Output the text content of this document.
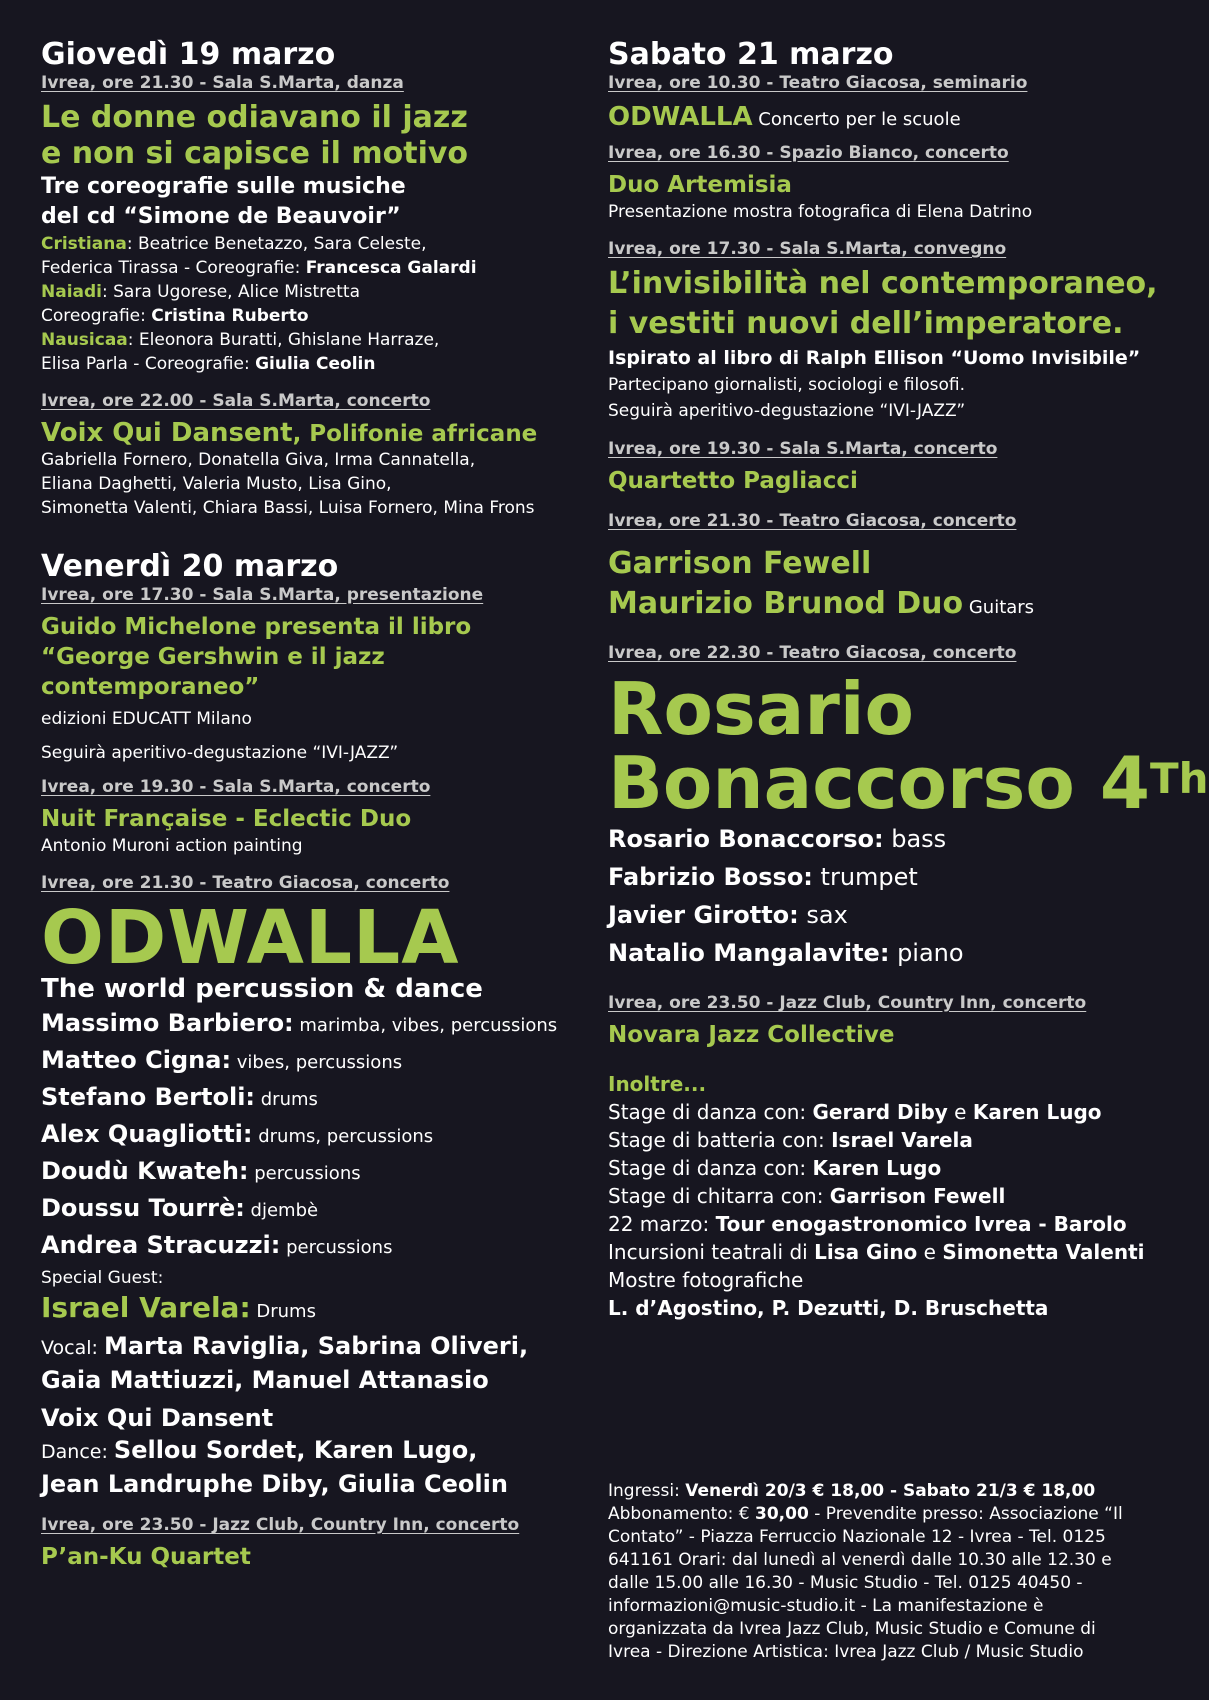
Giovedì 19 marzo
Ivrea, ore 21.30 - Sala S.Marta, danza
Le donne odiavano il jazz
e non si capisce il motivo
Tre coreografie sulle musiche
del cd “Simone de Beauvoir”
Cristiana: Beatrice Benetazzo, Sara Celeste,
Federica Tirassa - Coreografie: Francesca Galardi
Naiadi: Sara Ugorese, Alice Mistretta
Coreografie: Cristina Ruberto
Nausicaa: Eleonora Buratti, Ghislane Harraze,
Elisa Parla - Coreografie: Giulia Ceolin
Ivrea, ore 22.00 - Sala S.Marta, concerto
Voix Qui Dansent, Polifonie africane
Gabriella Fornero, Donatella Giva, Irma Cannatella,
Eliana Daghetti, Valeria Musto, Lisa Gino,
Simonetta Valenti, Chiara Bassi, Luisa Fornero, Mina Frons
Venerdì 20 marzo
Ivrea, ore 17.30 - Sala S.Marta, presentazione
Guido Michelone presenta il libro
“George Gershwin e il jazz contemporaneo”
edizioni EDUCATT Milano
Seguirà aperitivo-degustazione “IVI-JAZZ”
Ivrea, ore 19.30 - Sala S.Marta, concerto
Nuit Française - Eclectic Duo
Antonio Muroni action painting
Ivrea, ore 21.30 - Teatro Giacosa, concerto
ODWALLA
The world percussion & dance
Massimo Barbiero: marimba, vibes, percussions
Matteo Cigna: vibes, percussions
Stefano Bertoli: drums
Alex Quagliotti: drums, percussions
Doudù Kwateh: percussions
Doussu Tourrè: djembè
Andrea Stracuzzi: percussions
Special Guest:
Israel Varela: Drums
Vocal: Marta Raviglia, Sabrina Oliveri,
Gaia Mattiuzzi, Manuel Attanasio
Voix Qui Dansent
Dance: Sellou Sordet, Karen Lugo,
Jean Landruphe Diby, Giulia Ceolin
Ivrea, ore 23.50 - Jazz Club, Country Inn, concerto
P’an-Ku Quartet
Sabato 21 marzo
Ivrea, ore 10.30 - Teatro Giacosa, seminario
ODWALLA Concerto per le scuole
Ivrea, ore 16.30 - Spazio Bianco, concerto
Duo Artemisia
Presentazione mostra fotografica di Elena Datrino
Ivrea, ore 17.30 - Sala S.Marta, convegno
L’invisibilità nel contemporaneo,
i vestiti nuovi dell’imperatore.
Ispirato al libro di Ralph Ellison “Uomo Invisibile”
Partecipano giornalisti, sociologi e filosofi.
Seguirà aperitivo-degustazione “IVI-JAZZ”
Ivrea, ore 19.30 - Sala S.Marta, concerto
Quartetto Pagliacci
Ivrea, ore 21.30 - Teatro Giacosa, concerto
Garrison Fewell
Maurizio Brunod Duo Guitars
Ivrea, ore 22.30 - Teatro Giacosa, concerto
Rosario
Bonaccorso 4Th
Rosario Bonaccorso: bass
Fabrizio Bosso: trumpet
Javier Girotto: sax
Natalio Mangalavite: piano
Ivrea, ore 23.50 - Jazz Club, Country Inn, concerto
Novara Jazz Collective
Inoltre...
Stage di danza con: Gerard Diby e Karen Lugo
Stage di batteria con: Israel Varela
Stage di danza con: Karen Lugo
Stage di chitarra con: Garrison Fewell
22 marzo: Tour enogastronomico Ivrea - Barolo
Incursioni teatrali di Lisa Gino e Simonetta Valenti
Mostre fotografiche
L. d’Agostino, P. Dezutti, D. Bruschetta
Ingressi: Venerdì 20/3 € 18,00 - Sabato 21/3 € 18,00
Abbonamento: € 30,00 - Prevendite presso: Associazione “Il Contato” - Piazza Ferruccio Nazionale 12 - Ivrea - Tel. 0125 641161 Orari: dal lunedì al venerdì dalle 10.30 alle 12.30 e dalle 15.00 alle 16.30 - Music Studio - Tel. 0125 40450 - informazioni@music-studio.it - La manifestazione è organizzata da Ivrea Jazz Club, Music Studio e Comune di Ivrea - Direzione Artistica: Ivrea Jazz Club / Music Studio
